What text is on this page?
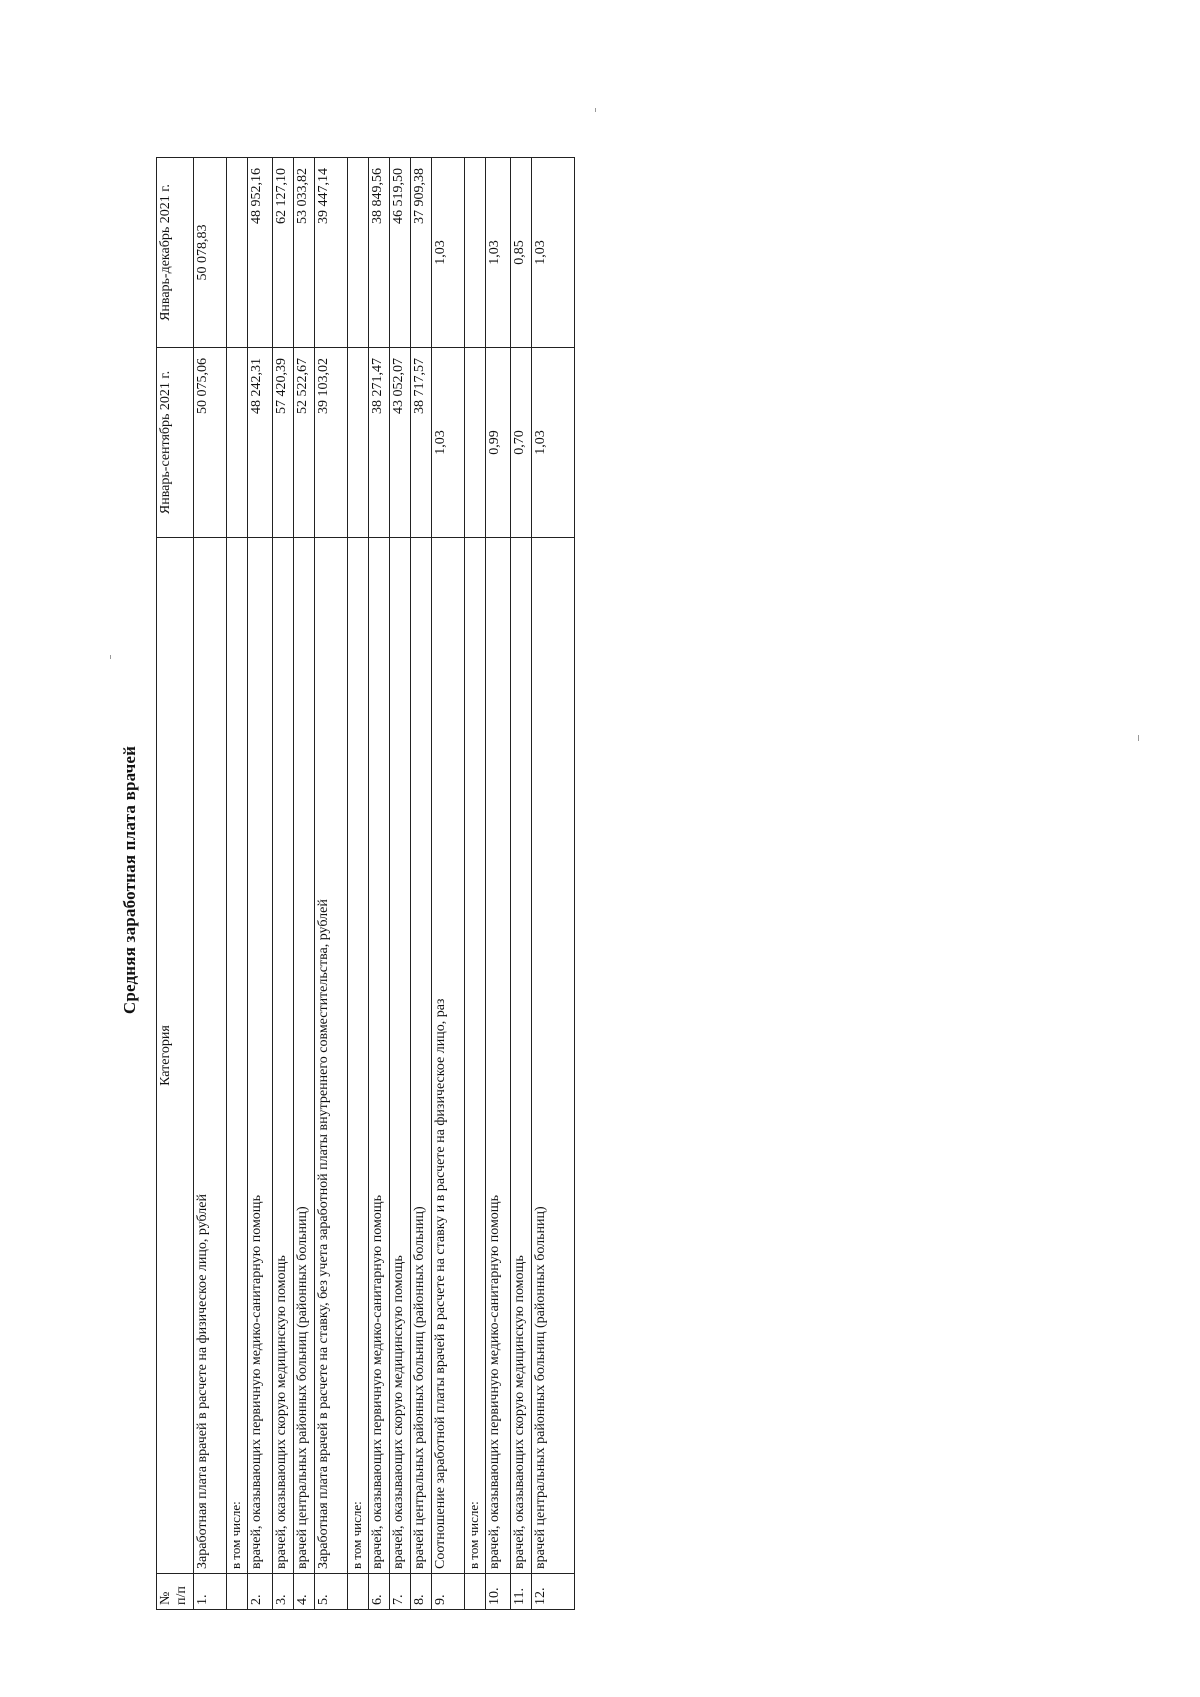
Средняя заработная плата врачей
№ п/п	Категория	Январь-сентябрь 2021 г.	Январь-декабрь 2021 г.
1.	Заработная плата врачей в расчете на физическое лицо, рублей	50 075,06	50 078,83
	в том числе:		
2.	врачей, оказывающих первичную медико-санитарную помощь	48 242,31	48 952,16
3.	врачей, оказывающих скорую медицинскую помощь	57 420,39	62 127,10
4.	врачей центральных районных больниц (районных больниц)	52 522,67	53 033,82
5.	Заработная плата врачей в расчете на ставку, без учета заработной платы внутреннего совместительства, рублей	39 103,02	39 447,14
	в том числе:		
6.	врачей, оказывающих первичную медико-санитарную помощь	38 271,47	38 849,56
7.	врачей, оказывающих скорую медицинскую помощь	43 052,07	46 519,50
8.	врачей центральных районных больниц (районных больниц)	38 717,57	37 909,38
9.	Соотношение заработной платы врачей в расчете на ставку и в расчете на физическое лицо, раз	1,03	1,03
	в том числе:		
10.	врачей, оказывающих первичную медико-санитарную помощь	0,99	1,03
11.	врачей, оказывающих скорую медицинскую помощь	0,70	0,85
12.	врачей центральных районных больниц (районных больниц)	1,03	1,03
